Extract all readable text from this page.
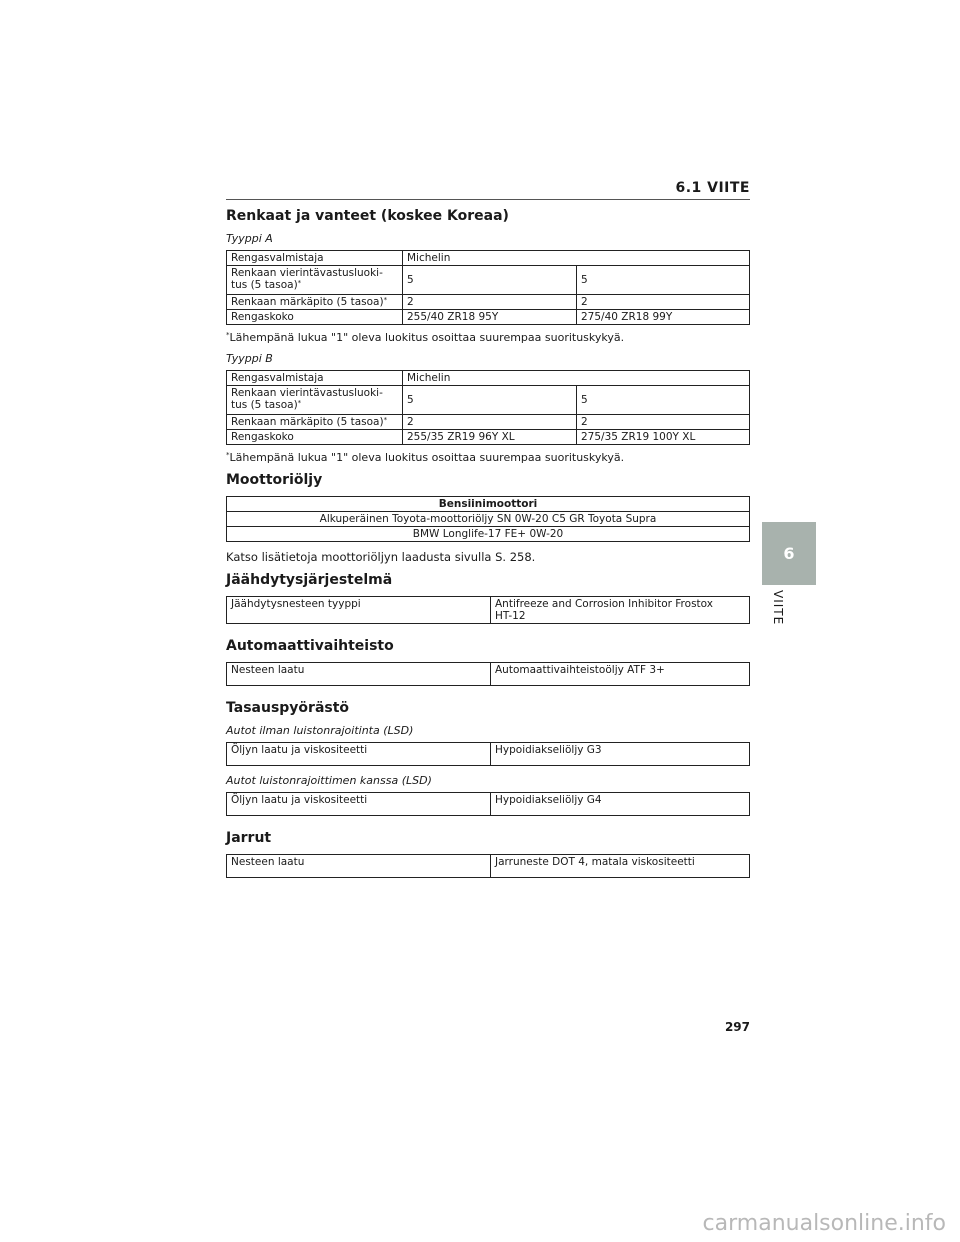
6.1 VIITE
Renkaat ja vanteet (koskee Koreaa)
Tyyppi A
Rengasvalmistaja	Michelin	
Renkaan vierintävastusluoki-
tus (5 tasoa)*	5	5
Renkaan märkäpito (5 tasoa)*	2	2
Rengaskoko	255/40 ZR18 95Y	275/40 ZR18 99Y
*Lähempänä lukua "1" oleva luokitus osoittaa suurempaa suorituskykyä.
Tyyppi B
Rengasvalmistaja	Michelin	
Renkaan vierintävastusluoki-
tus (5 tasoa)*	5	5
Renkaan märkäpito (5 tasoa)*	2	2
Rengaskoko	255/35 ZR19 96Y XL	275/35 ZR19 100Y XL
*Lähempänä lukua "1" oleva luokitus osoittaa suurempaa suorituskykyä.
Moottoriöljy
Bensiinimoottori
Alkuperäinen Toyota-moottoriöljy SN 0W-20 C5 GR Toyota Supra
BMW Longlife-17 FE+ 0W-20
Katso lisätietoja moottoriöljyn laadusta sivulla S. 258.
Jäähdytysjärjestelmä
Jäähdytysnesteen tyyppi	Antifreeze and Corrosion Inhibitor Frostox
HT-12
Automaattivaihteisto
Nesteen laatu	Automaattivaihteistoöljy ATF 3+
Tasauspyörästö
Autot ilman luistonrajoitinta (LSD)
Öljyn laatu ja viskositeetti	Hypoidiakseliöljy G3
Autot luistonrajoittimen kanssa (LSD)
Öljyn laatu ja viskositeetti	Hypoidiakseliöljy G4
Jarrut
Nesteen laatu	Jarruneste DOT 4, matala viskositeetti
6
VIITE
297
carmanualsonline.info
